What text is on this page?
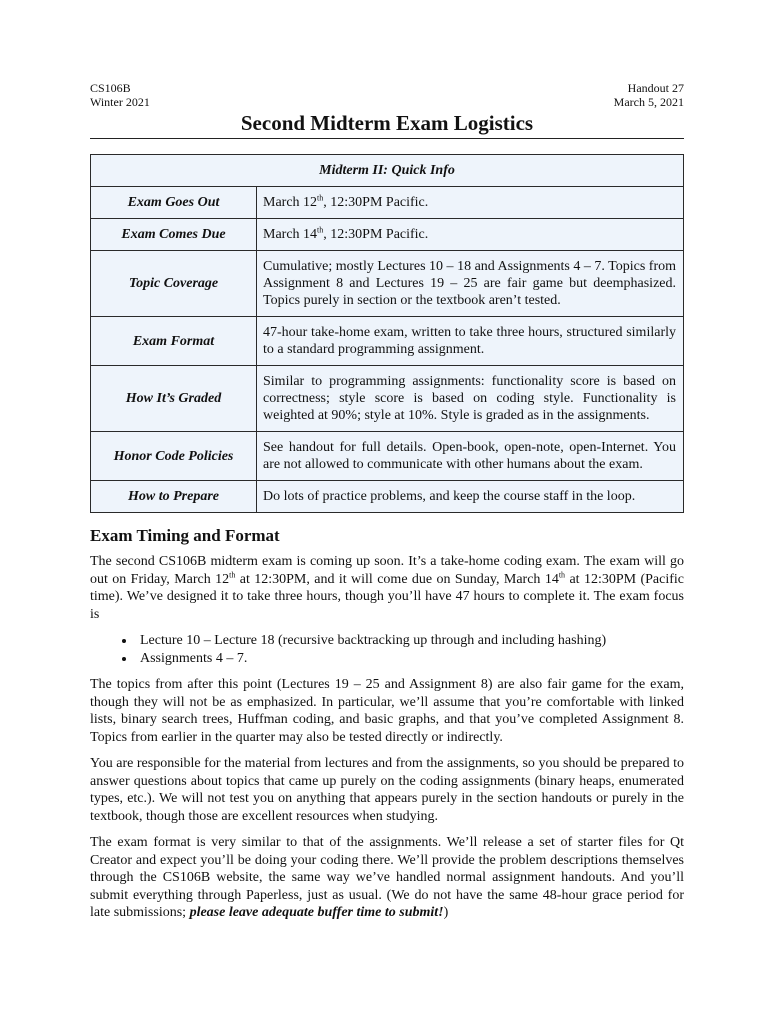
CS106B
Winter 2021
Handout 27
March 5, 2021
Second Midterm Exam Logistics
Midterm II: Quick Info	
Exam Goes Out	March 12th, 12:30PM Pacific.
Exam Comes Due	March 14th, 12:30PM Pacific.
Topic Coverage	Cumulative; mostly Lectures 10 – 18 and Assignments 4 – 7. Topics from Assignment 8 and Lectures 19 – 25 are fair game but deemphasized. Topics purely in section or the textbook aren’t tested.
Exam Format	47-hour take-home exam, written to take three hours, structured similarly to a standard programming assignment.
How It’s Graded	Similar to programming assignments: functionality score is based on correctness; style score is based on coding style. Functionality is weighted at 90%; style at 10%. Style is graded as in the assignments.
Honor Code Policies	See handout for full details. Open-book, open-note, open-Internet. You are not allowed to communicate with other humans about the exam.
How to Prepare	Do lots of practice problems, and keep the course staff in the loop.
Exam Timing and Format

The second CS106B midterm exam is coming up soon. It’s a take-home coding exam. The exam will go out on Friday, March 12th at 12:30PM, and it will come due on Sunday, March 14th at 12:30PM (Pacific time). We’ve designed it to take three hours, though you’ll have 47 hours to complete it. The exam focus is

• Lecture 10 – Lecture 18 (recursive backtracking up through and including hashing)
• Assignments 4 – 7.

The topics from after this point (Lectures 19 – 25 and Assignment 8) are also fair game for the exam, though they will not be as emphasized. In particular, we’ll assume that you’re comfortable with linked lists, binary search trees, Huffman coding, and basic graphs, and that you’ve completed Assignment 8. Topics from earlier in the quarter may also be tested directly or indirectly.

You are responsible for the material from lectures and from the assignments, so you should be prepared to answer questions about topics that came up purely on the coding assignments (binary heaps, enumerated types, etc.). We will not test you on anything that appears purely in the section handouts or purely in the textbook, though those are excellent resources when studying.

The exam format is very similar to that of the assignments. We’ll release a set of starter files for Qt Creator and expect you’ll be doing your coding there. We’ll provide the problem descriptions themselves through the CS106B website, the same way we’ve handled normal assignment handouts. And you’ll submit everything through Paperless, just as usual. (We do not have the same 48-hour grace period for late submissions; please leave adequate buffer time to submit!)
